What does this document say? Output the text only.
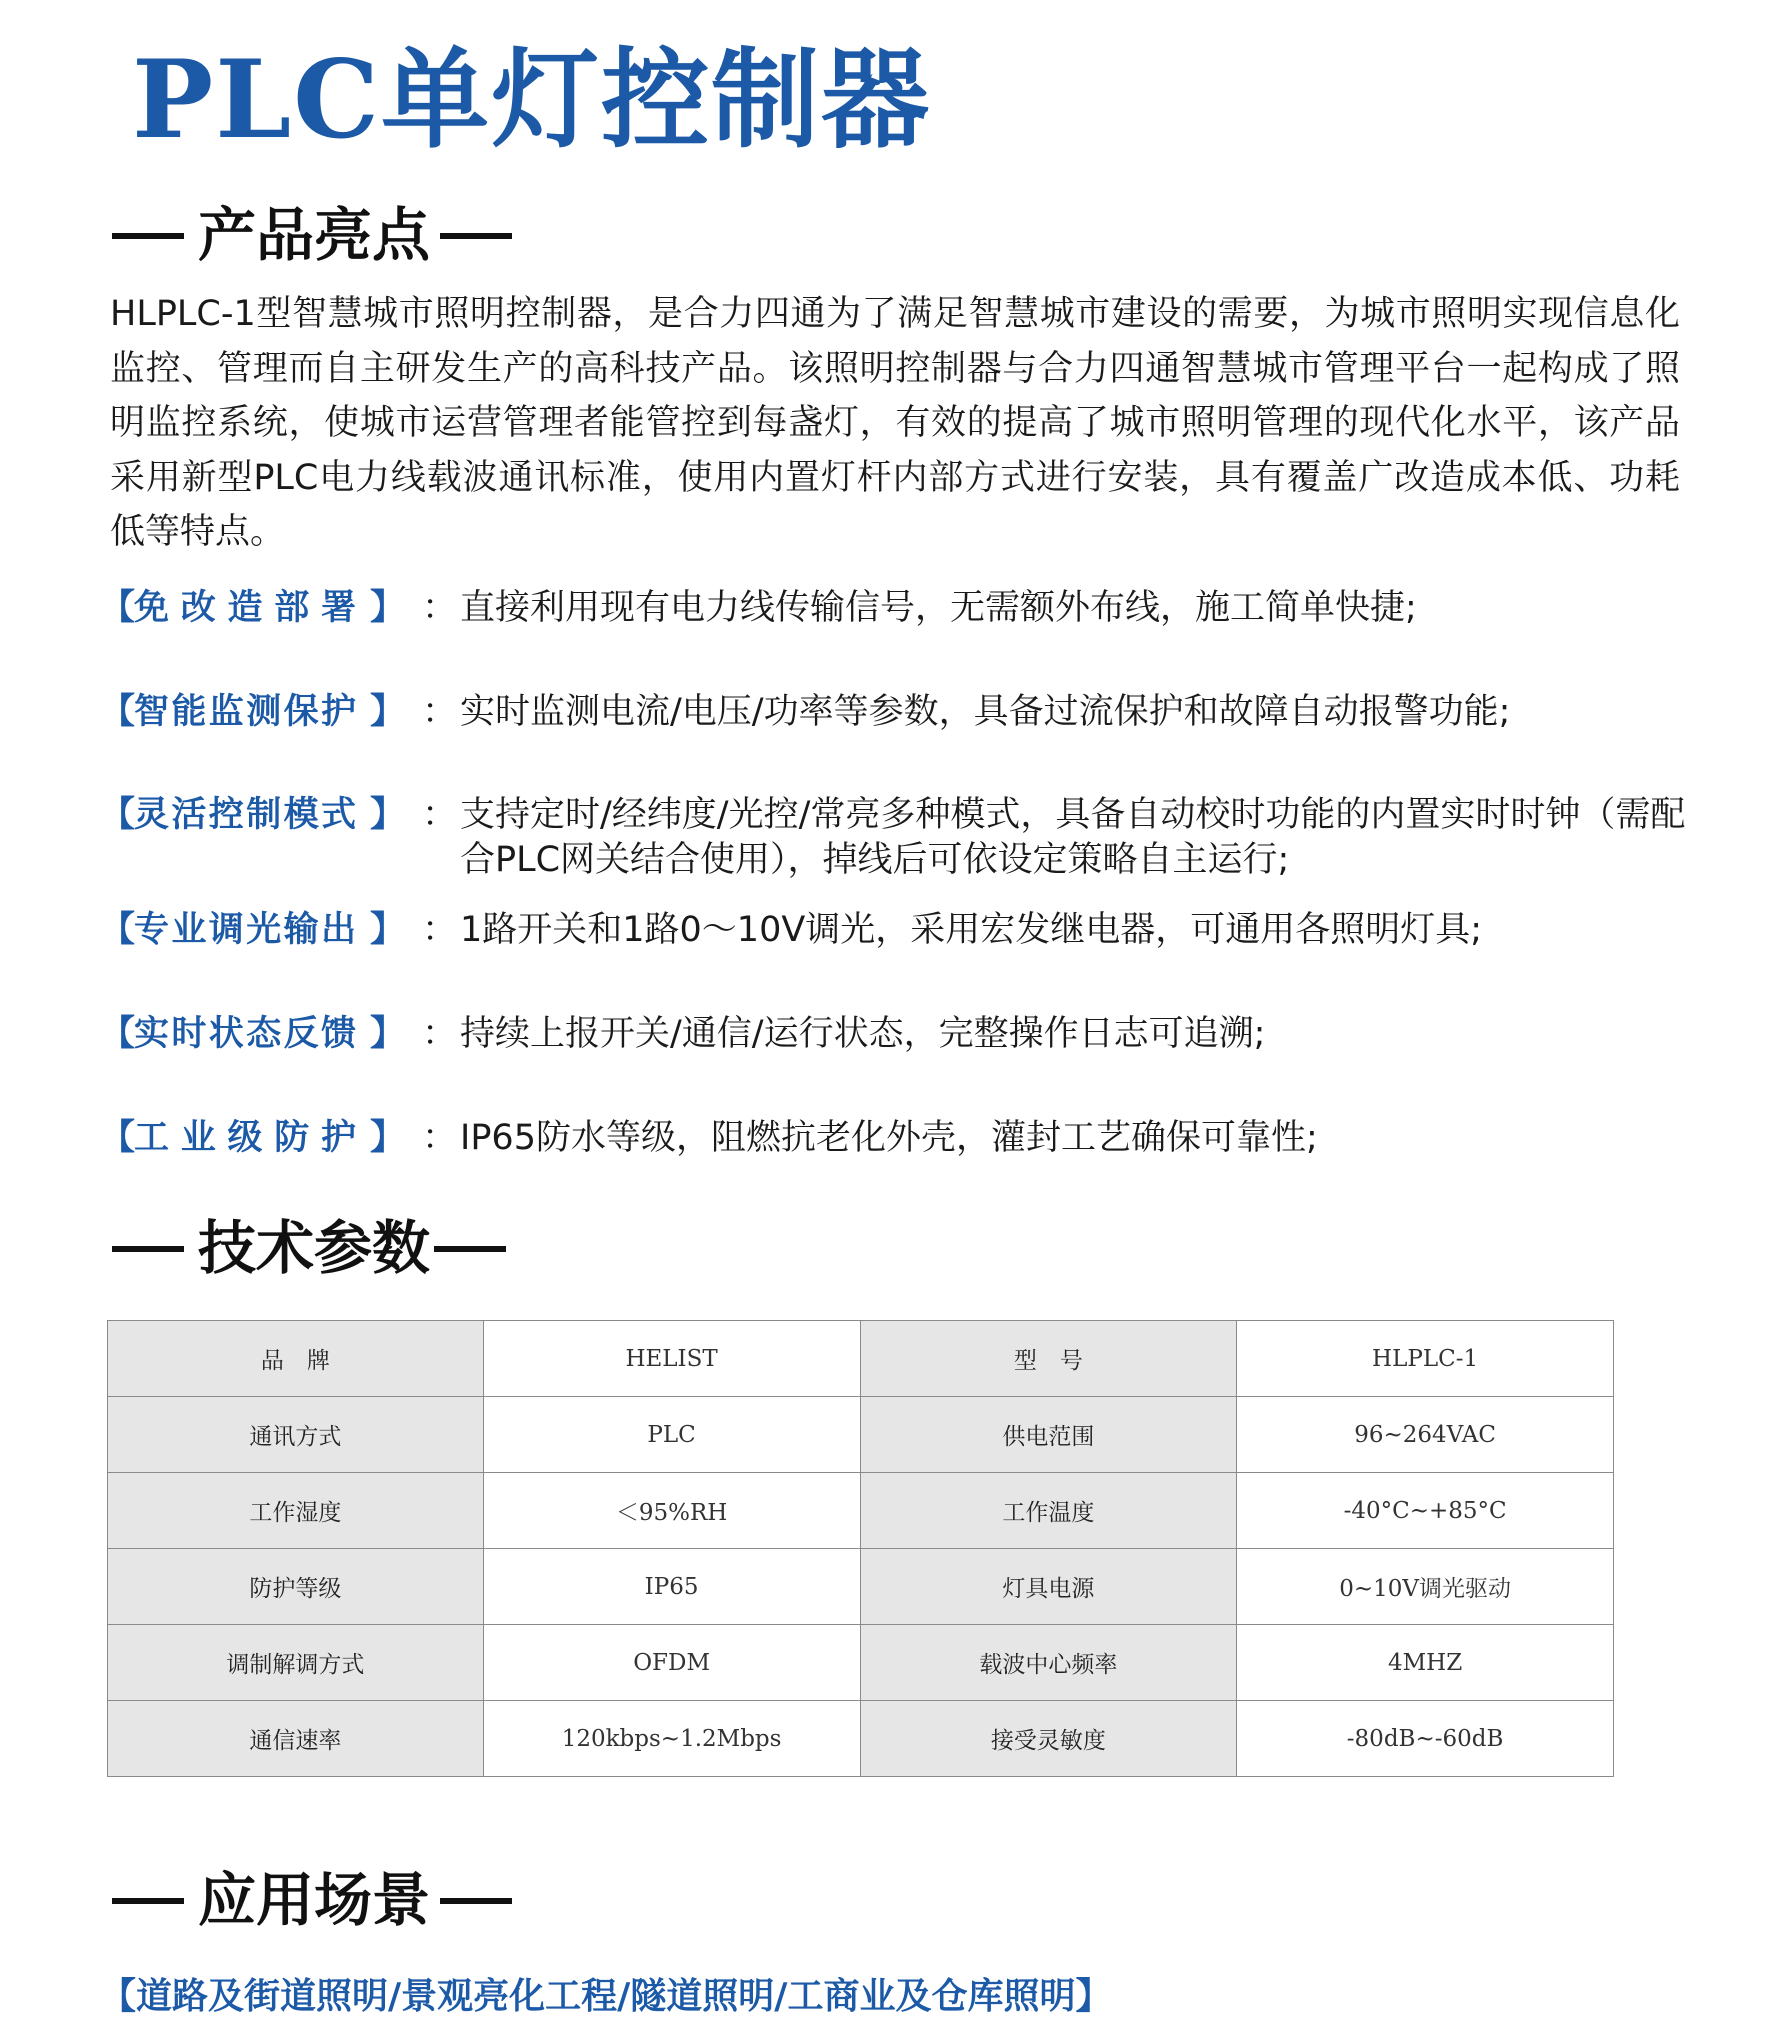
PLC单灯控制器
产品亮点
HLPLC-1型智慧城市照明控制器，是合力四通为了满足智慧城市建设的需要，为城市照明实现信息化监控、管理而自主研发生产的高科技产品。该照明控制器与合力四通智慧城市管理平台一起构成了照明监控系统，使城市运营管理者能管控到每盏灯，有效的提高了城市照明管理的现代化水平，该产品采用新型PLC电力线载波通讯标准，使用内置灯杆内部方式进行安装，具有覆盖广改造成本低、功耗低等特点。
【
免改造部署 】 ： 直接利用现有电力线传输信号，无需额外布线，施工简单快捷;
【
智能监测保护 】 ： 实时监测电流/电压/功率等参数，具备过流保护和故障自动报警功能;
【
灵活控制模式 】 ： 支持定时/经纬度/光控/常亮多种模式，具备自动校时功能的内置实时时钟（需配合PLC网关结合使用），掉线后可依设定策略自主运行;
【
专业调光输出 】 ： 1路开关和1路0～10V调光，采用宏发继电器，可通用各照明灯具;
【
实时状态反馈 】 ： 持续上报开关/通信/运行状态，完整操作日志可追溯;
【
工业级防护 】 ： IP65防水等级，阻燃抗老化外壳，灌封工艺确保可靠性;
技术参数
品　牌	HELIST	型　号	HLPLC-1
通讯方式	PLC	供电范围	96~264VAC
工作湿度	＜95%RH	工作温度	-40°C~+85°C
防护等级	IP65	灯具电源	0~10V调光驱动
调制解调方式	OFDM	载波中心频率	4MHZ
通信速率	120kbps~1.2Mbps	接受灵敏度	-80dB~-60dB
应用场景
【道路及街道照明/景观亮化工程/隧道照明/工商业及仓库照明】
